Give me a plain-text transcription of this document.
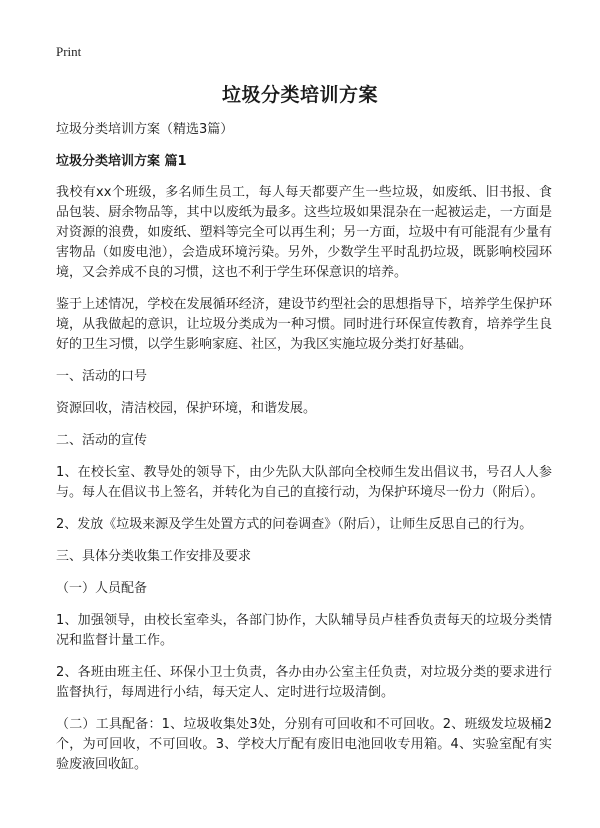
Print
垃圾分类培训方案

垃圾分类培训方案（精选3篇）

垃圾分类培训方案 篇1

我校有xx个班级，多名师生员工，每人每天都要产生一些垃圾，如废纸、旧书报、食品包装、厨余物品等，其中以废纸为最多。这些垃圾如果混杂在一起被运走，一方面是对资源的浪费，如废纸、塑料等完全可以再生利；另一方面，垃圾中有可能混有少量有害物品（如废电池），会造成环境污染。另外，少数学生平时乱扔垃圾，既影响校园环境，又会养成不良的习惯，这也不利于学生环保意识的培养。

鉴于上述情况，学校在发展循环经济，建设节约型社会的思想指导下，培养学生保护环境，从我做起的意识，让垃圾分类成为一种习惯。同时进行环保宣传教育，培养学生良好的卫生习惯，以学生影响家庭、社区，为我区实施垃圾分类打好基础。

一、活动的口号

资源回收，清洁校园，保护环境，和谐发展。

二、活动的宣传

1、在校长室、教导处的领导下，由少先队大队部向全校师生发出倡议书，号召人人参与。每人在倡议书上签名，并转化为自己的直接行动，为保护环境尽一份力（附后）。

2、发放《垃圾来源及学生处置方式的问卷调查》（附后），让师生反思自己的行为。

三、具体分类收集工作安排及要求

（一）人员配备

1、加强领导，由校长室牵头，各部门协作，大队辅导员卢桂香负责每天的垃圾分类情况和监督计量工作。

2、各班由班主任、环保小卫士负责，各办由办公室主任负责，对垃圾分类的要求进行监督执行，每周进行小结，每天定人、定时进行垃圾清倒。

（二）工具配备：1、垃圾收集处3处，分别有可回收和不可回收。2、班级发垃圾桶2个，为可回收，不可回收。3、学校大厅配有废旧电池回收专用箱。4、实验室配有实验废液回收缸。
